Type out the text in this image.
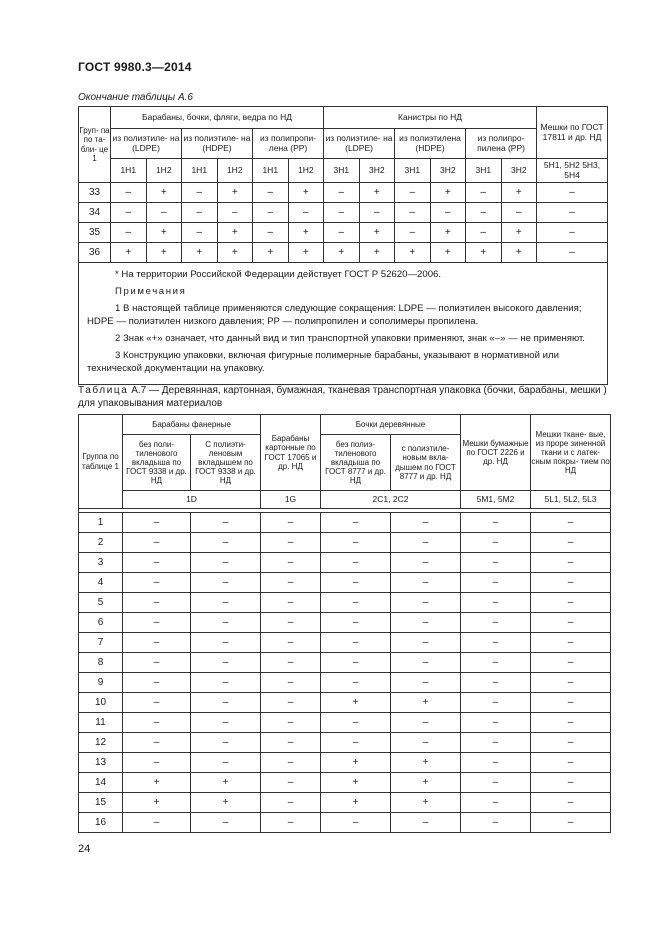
ГОСТ 9980.3—2014
Окончание таблицы А.6
Груп- па по та- бли- це 1	Барабаны, бочки, фляги, ведра по НД						Канистры по НД						Мешки по ГОСТ 17811 и др. НД
	из полиэтиле- на (LDPE)		из полиэтиле- на (HDPE)		из полипропи- лена (PP)		из полиэтиле- на (LDPE)		из полиэтилена (HDPE)		из полипро- пилена (PP)		
	1H1	1H2	1H1	1H2	1H1	1H2	3H1	3H2	3H1	3H2	3H1	3H2	5H1, 5H2 5H3, 5H4
33	–	+	–	+	–	+	–	+	–	+	–	+	–
34	–	–	–	–	–	–	–	–	–	–	–	–	–
35	–	+	–	+	–	+	–	+	–	+	–	+	–
36	+	+	+	+	+	+	+	+	+	+	+	+	–

* На территории Российской Федерации действует ГОСТ Р 52620—2006.
Примечания
1 В настоящей таблице применяются следующие сокращения: LDPE — полиэтилен высокого давления; HDPE — полиэтилен низкого давления; PP — полипропилен и сополимеры пропилена.
2 Знак «+» означает, что данный вид и тип транспортной упаковки применяют, знак «–» — не применяют.
3 Конструкцию упаковки, включая фигурные полимерные барабаны, указывают в нормативной или технической документации на упаковку.													
Таблица А.7 — Деревянная, картонная, бумажная, тканевая транспортная упаковка (бочки, барабаны, мешки ) для упаковывания материалов
Группа по таблице 1	Барабаны фанерные		Барабаны картонные по ГОСТ 17065 и др. НД	Бочки деревянные		Мешки бумажные по ГОСТ 2226 и др. НД	Мешки ткане- вые, из проре зиненной ткани и с латек- сным покры- тием по НД
	без поли- тиленового вкладыша по ГОСТ 9338 и др. НД	С полиэти- леновым вкладышем по ГОСТ 9338 и др. НД		без полиэ- тиленового вкладыша по ГОСТ 8777 и др. НД	с полиэтиле- новым вкла- дышем по ГОСТ 8777 и др. НД		
	1D		1G	2C1, 2C2		5M1, 5M2	5L1, 5L2, 5L3

1	–	–	–	–	–	–	–
2	–	–	–	–	–	–	–
3	–	–	–	–	–	–	–
4	–	–	–	–	–	–	–
5	–	–	–	–	–	–	–
6	–	–	–	–	–	–	–
7	–	–	–	–	–	–	–
8	–	–	–	–	–	–	–
9	–	–	–	–	–	–	–
10	–	–	–	+	+	–	–
11	–	–	–	–	–	–	–
12	–	–	–	–	–	–	–
13	–	–	–	+	+	–	–
14	+	+	–	+	+	–	–
15	+	+	–	+	+	–	–
16	–	–	–	–	–	–	–
24
